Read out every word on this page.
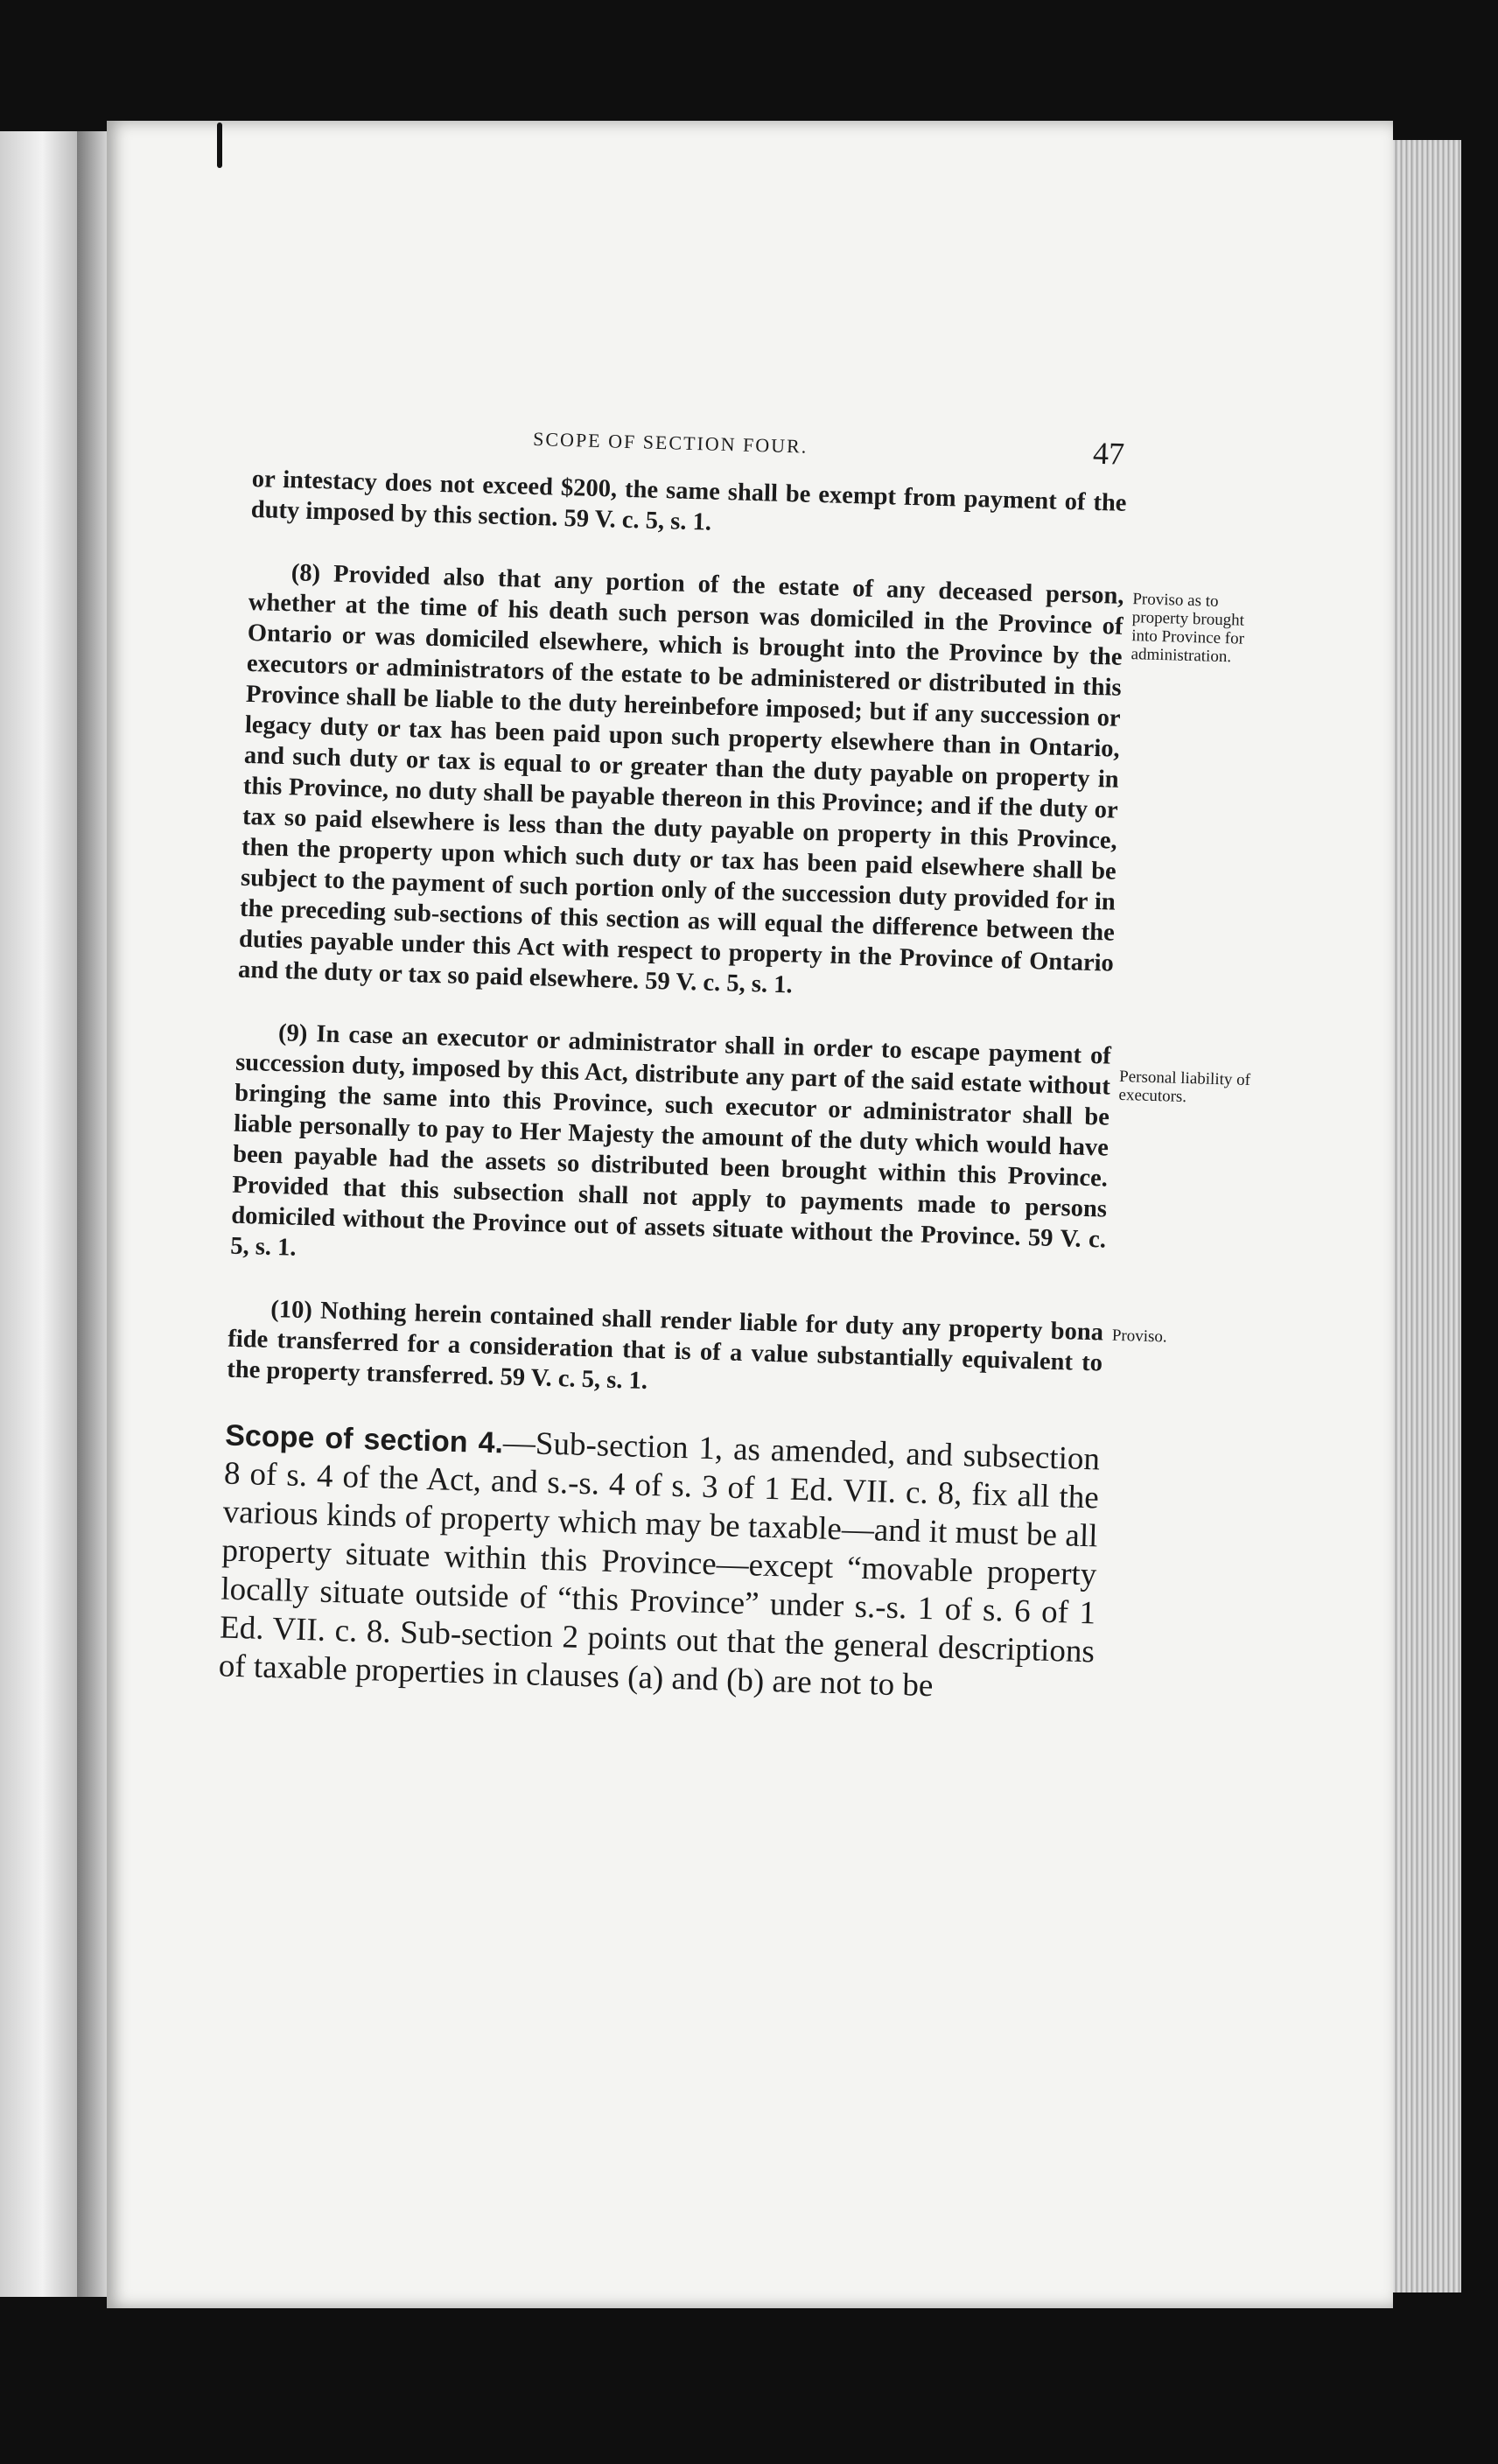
SCOPE OF SECTION FOUR.	47

or intestacy does not exceed $200, the same shall be exempt from payment of the duty imposed by this section. 59 V. c. 5, s. 1.

Proviso as to property brought into Province for administration.

(8) Provided also that any portion of the estate of any deceased person, whether at the time of his death such person was domiciled in the Province of Ontario or was domiciled elsewhere, which is brought into the Province by the executors or administrators of the estate to be administered or distributed in this Province shall be liable to the duty hereinbefore imposed; but if any succession or legacy duty or tax has been paid upon such property elsewhere than in Ontario, and such duty or tax is equal to or greater than the duty payable on property in this Province, no duty shall be payable thereon in this Province; and if the duty or tax so paid elsewhere is less than the duty payable on property in this Province, then the property upon which such duty or tax has been paid elsewhere shall be subject to the payment of such portion only of the succession duty provided for in the preceding sub-sections of this section as will equal the difference between the duties payable under this Act with respect to property in the Province of Ontario and the duty or tax so paid elsewhere. 59 V. c. 5, s. 1.

Personal liability of executors.

(9) In case an executor or administrator shall in order to escape payment of succession duty, imposed by this Act, distribute any part of the said estate without bringing the same into this Province, such executor or administrator shall be liable personally to pay to Her Majesty the amount of the duty which would have been payable had the assets so distributed been brought within this Province. Provided that this subsection shall not apply to payments made to persons domiciled without the Province out of assets situate without the Province. 59 V. c. 5, s. 1.

Proviso.

(10) Nothing herein contained shall render liable for duty any property bona fide transferred for a consideration that is of a value substantially equivalent to the property transferred. 59 V. c. 5, s. 1.

Scope of section 4.—Sub-section 1, as amended, and subsection 8 of s. 4 of the Act, and s.-s. 4 of s. 3 of 1 Ed. VII. c. 8, fix all the various kinds of property which may be taxable—and it must be all property situate within this Province—except “movable property locally situate outside of “this Province” under s.-s. 1 of s. 6 of 1 Ed. VII. c. 8. Sub-section 2 points out that the general descriptions of taxable properties in clauses (a) and (b) are not to be
